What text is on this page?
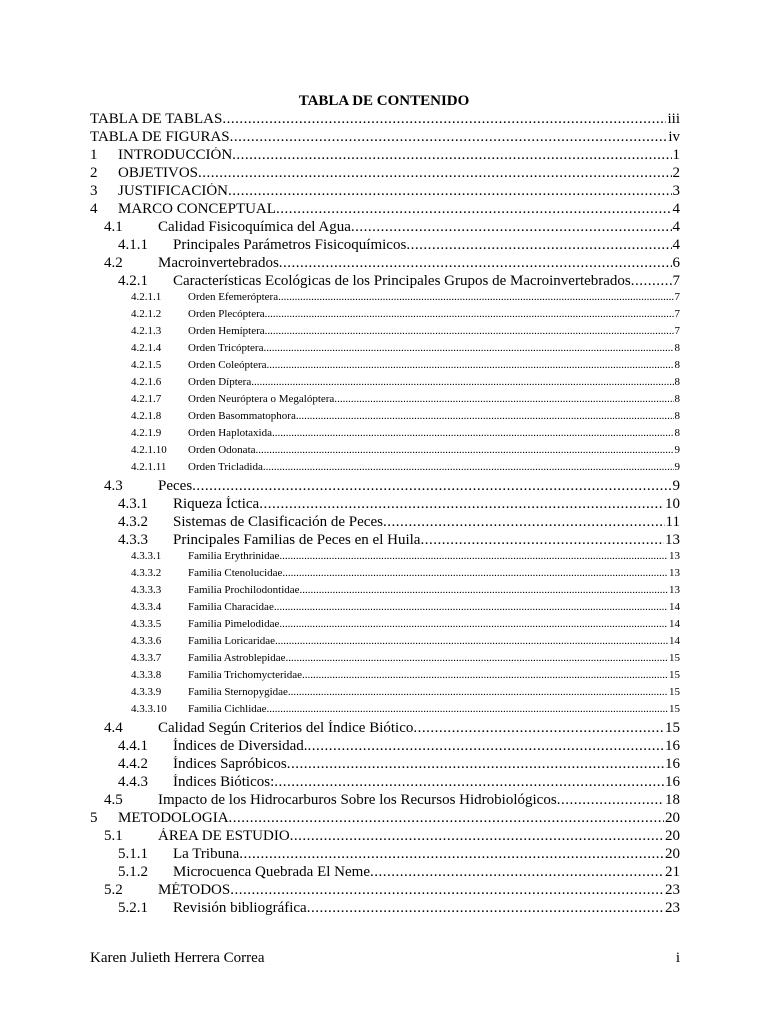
TABLA DE CONTENIDO
TABLA DE TABLAS .....	iii
TABLA DE FIGURAS .....	iv
1	INTRODUCCIÓN .....	1
2	OBJETIVOS .....	2
3	JUSTIFICACIÓN .....	3
4	MARCO CONCEPTUAL .....	4
4.1	Calidad Fisicoquímica del Agua .....	4
4.1.1	Principales Parámetros Fisicoquímicos .....	4
4.2	Macroinvertebrados .....	6
4.2.1	Características Ecológicas de los Principales Grupos de Macroinvertebrados .....	7
4.2.1.1	Orden Efemeróptera .....	7
4.2.1.2	Orden Plecóptera. .....	7
4.2.1.3	Orden Hemíptera. .....	7
4.2.1.4	Orden Tricóptera. .....	8
4.2.1.5	Orden Coleóptera. .....	8
4.2.1.6	Orden Díptera. .....	8
4.2.1.7	Orden Neuróptera o Megalóptera. .....	8
4.2.1.8	Orden Basommatophora. .....	8
4.2.1.9	Orden Haplotaxida. .....	8
4.2.1.10	Orden Odonata. .....	9
4.2.1.11	Orden Tricladida. .....	9
4.3	Peces .....	9
4.3.1	Riqueza Íctica .....	10
4.3.2	Sistemas de Clasificación de Peces .....	11
4.3.3	Principales Familias de Peces en el Huila .....	13
4.3.3.1	Familia Erythrinidae .....	13
4.3.3.2	Familia Ctenolucidae .....	13
4.3.3.3	Familia Prochilodontidae .....	13
4.3.3.4	Familia Characidae .....	14
4.3.3.5	Familia Pimelodidae .....	14
4.3.3.6	Familia Loricaridae .....	14
4.3.3.7	Familia Astroblepidae .....	15
4.3.3.8	Familia Trichomycteridae .....	15
4.3.3.9	Familia Sternopygidae .....	15
4.3.3.10	Familia Cichlidae .....	15
4.4	Calidad Según Criterios del Índice Biótico .....	15
4.4.1	Índices de Diversidad. .....	16
4.4.2	Índices Sapróbicos .....	16
4.4.3	Índices Bióticos: .....	16
4.5	Impacto de los Hidrocarburos Sobre los Recursos Hidrobiológicos .....	18
5	METODOLOGIA .....	20
5.1	ÁREA DE ESTUDIO .....	20
5.1.1	La Tribuna .....	20
5.1.2	Microcuenca Quebrada El Neme .....	21
5.2	MÉTODOS .....	23
5.2.1	Revisión bibliográfica .....	23
Karen Julieth Herrera Correa	i
